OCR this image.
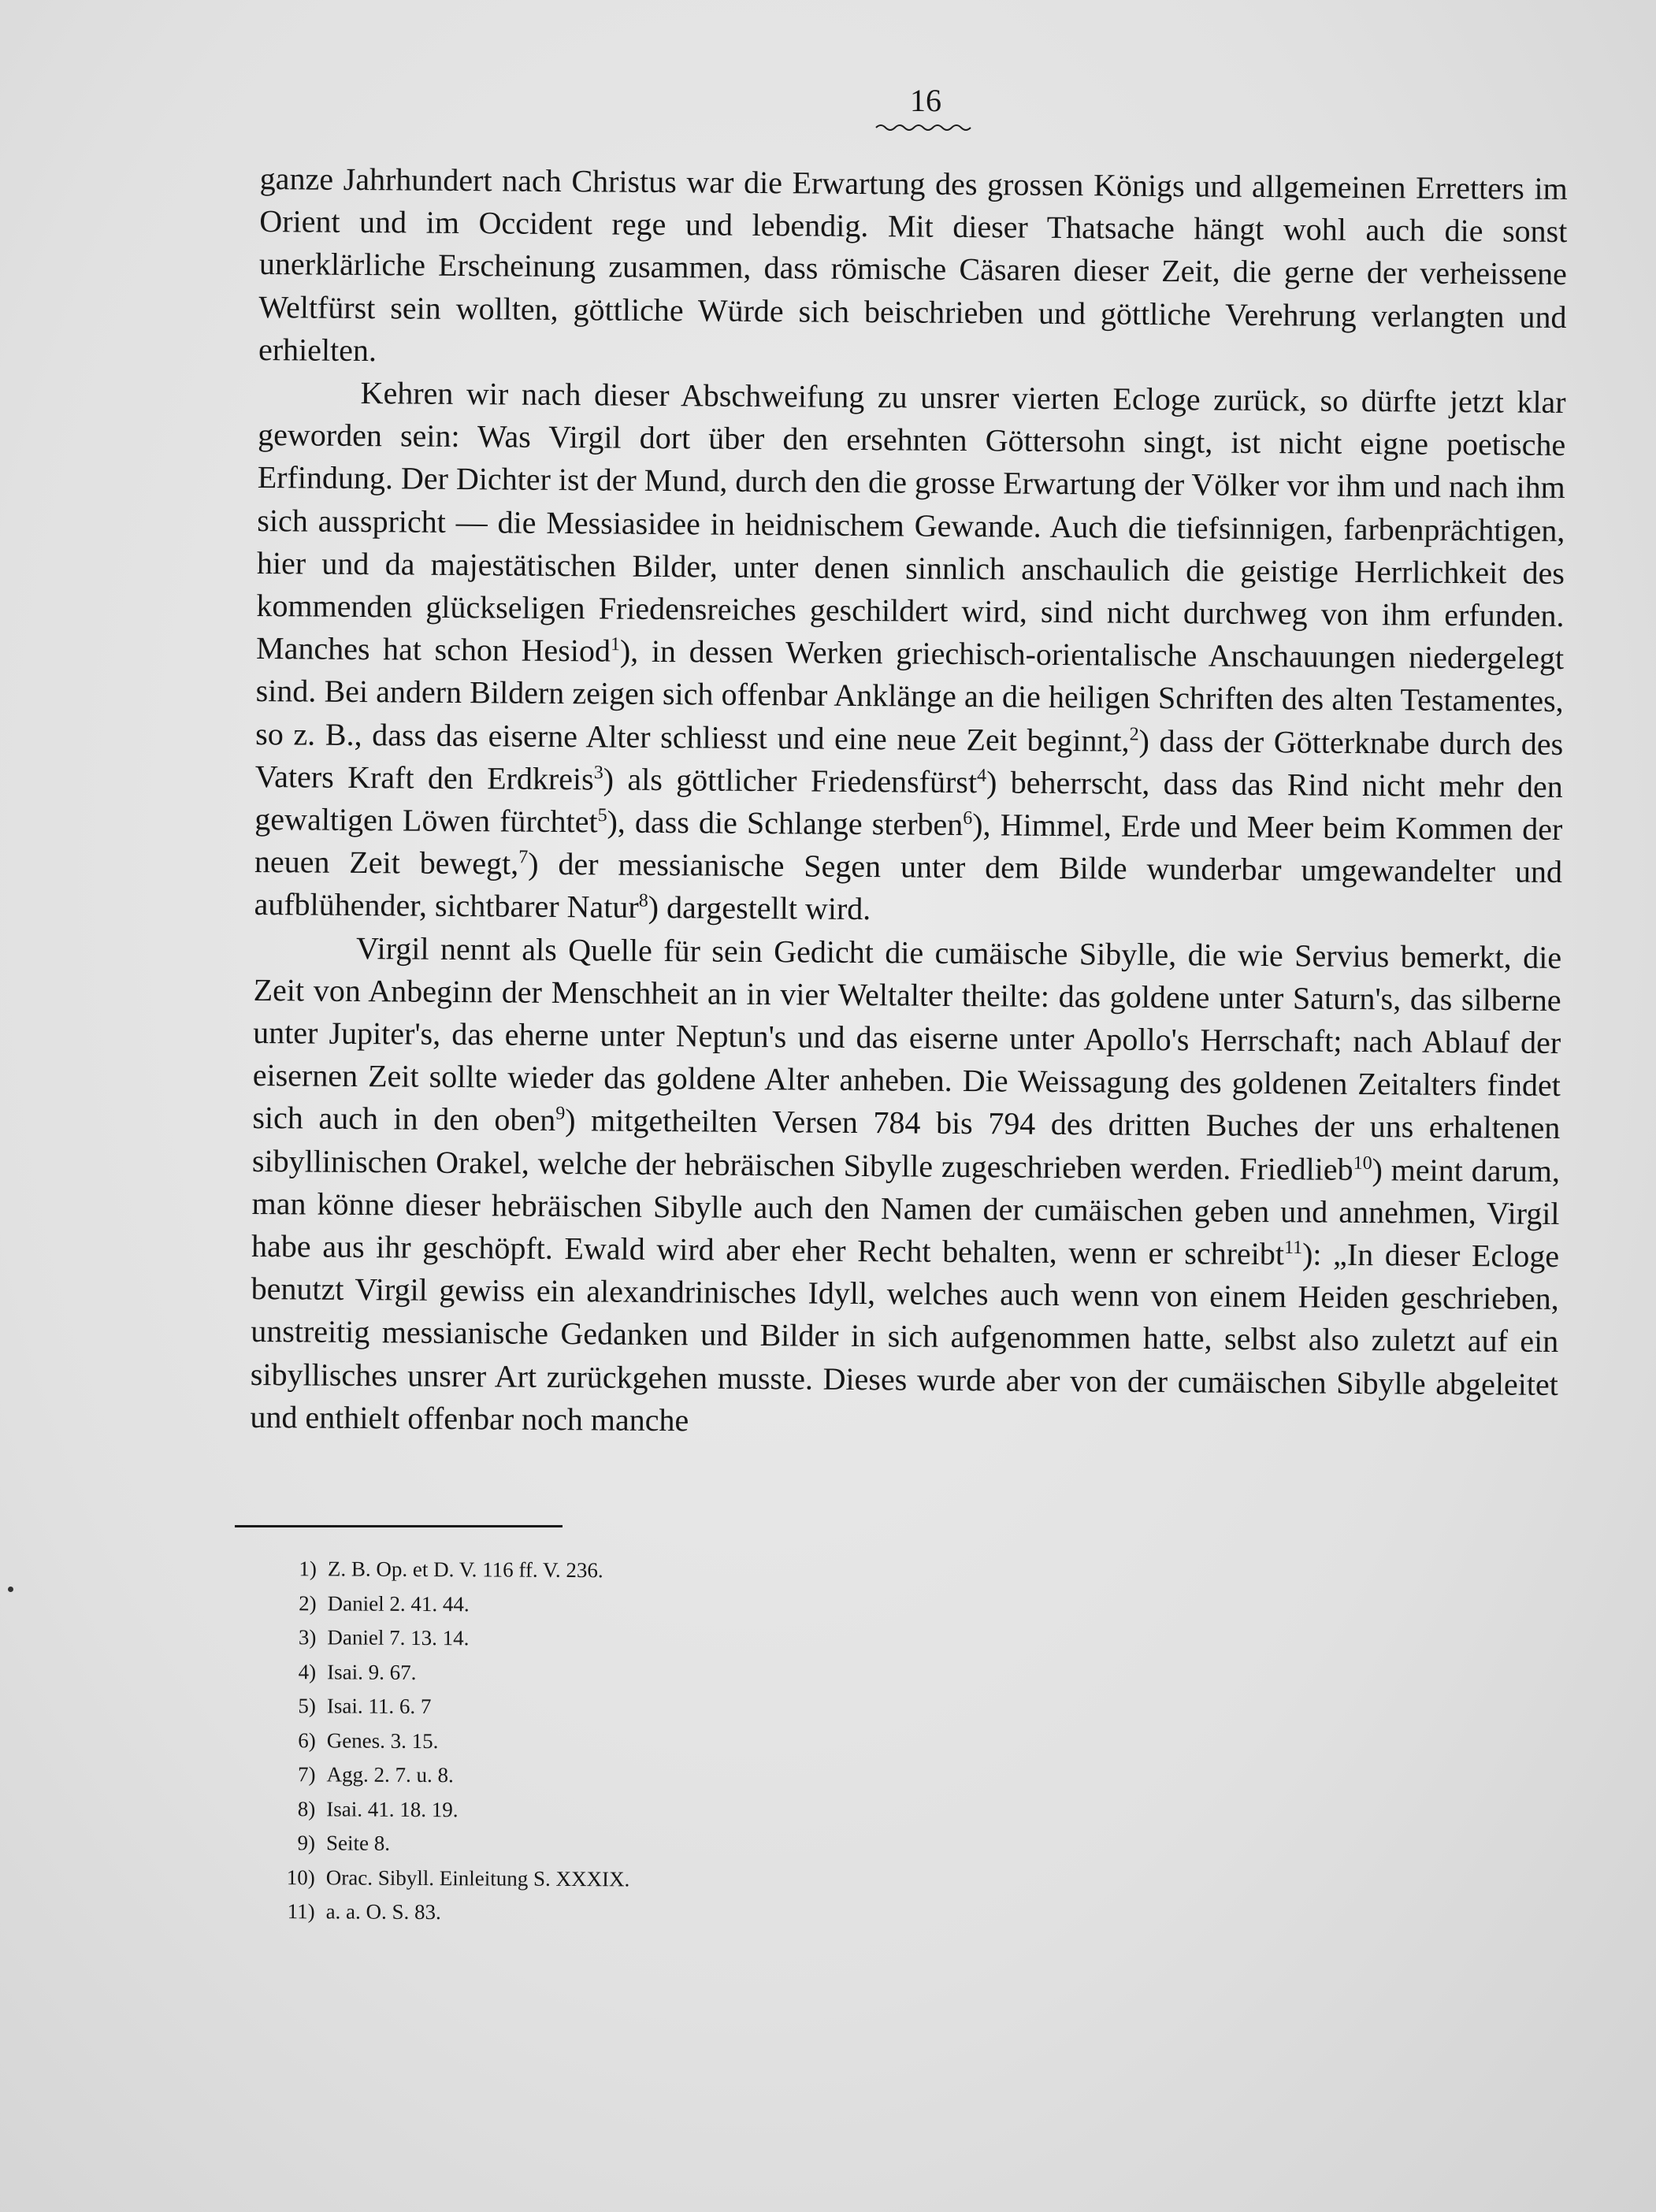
16

ganze Jahrhundert nach Christus war die Erwartung des grossen Königs und allgemeinen Erretters im Orient und im Occident rege und lebendig. Mit dieser Thatsache hängt wohl auch die sonst unerklärliche Erscheinung zusammen, dass römische Cäsaren dieser Zeit, die gerne der verheissene Weltfürst sein wollten, göttliche Würde sich beischrieben und göttliche Verehrung verlangten und erhielten.

Kehren wir nach dieser Abschweifung zu unsrer vierten Ecloge zurück, so dürfte jetzt klar geworden sein: Was Virgil dort über den ersehnten Göttersohn singt, ist nicht eigne poetische Erfindung. Der Dichter ist der Mund, durch den die grosse Erwartung der Völker vor ihm und nach ihm sich ausspricht — die Messiasidee in heidnischem Gewande. Auch die tiefsinnigen, farbenprächtigen, hier und da majestätischen Bilder, unter denen sinnlich anschaulich die geistige Herrlichkeit des kommenden glückseligen Friedensreiches geschildert wird, sind nicht durchweg von ihm erfunden. Manches hat schon Hesiod$^1$), in dessen Werken griechisch-orientalische Anschauungen niedergelegt sind. Bei andern Bildern zeigen sich offenbar Anklänge an die heiligen Schriften des alten Testamentes, so z. B., dass das eiserne Alter schliesst und eine neue Zeit beginnt,$^2$) dass der Götterknabe durch des Vaters Kraft den Erdkreis$^3$) als göttlicher Friedensfürst$^4$) beherrscht, dass das Rind nicht mehr den gewaltigen Löwen fürchtet$^5$), dass die Schlange sterben$^6$), Himmel, Erde und Meer beim Kommen der neuen Zeit bewegt,$^7$) der messianische Segen unter dem Bilde wunderbar umgewandelter und aufblühender, sichtbarer Natur$^8$) dargestellt wird.

Virgil nennt als Quelle für sein Gedicht die cumäische Sibylle, die wie Servius bemerkt, die Zeit von Anbeginn der Menschheit an in vier Weltalter theilte: das goldene unter Saturn's, das silberne unter Jupiter's, das eherne unter Neptun's und das eiserne unter Apollo's Herrschaft; nach Ablauf der eisernen Zeit sollte wieder das goldene Alter anheben. Die Weissagung des goldenen Zeitalters findet sich auch in den oben$^9$) mitgetheilten Versen 784 bis 794 des dritten Buches der uns erhaltenen sibyllinischen Orakel, welche der hebräischen Sibylle zugeschrieben werden. Friedlieb$^{10}$) meint darum, man könne dieser hebräischen Sibylle auch den Namen der cumäischen geben und annehmen, Virgil habe aus ihr geschöpft. Ewald wird aber eher Recht behalten, wenn er schreibt$^{11}$): „In dieser Ecloge benutzt Virgil gewiss ein alexandrinisches Idyll, welches auch wenn von einem Heiden geschrieben, unstreitig messianische Gedanken und Bilder in sich aufgenommen hatte, selbst also zuletzt auf ein sibyllisches unsrer Art zurückgehen musste. Dieses wurde aber von der cumäischen Sibylle abgeleitet und enthielt offenbar noch manche

1) Z. B. Op. et D. V. 116 ff. V. 236.
2) Daniel 2. 41. 44.
3) Daniel 7. 13. 14.
4) Isai. 9. 67.
5) Isai. 11. 6. 7
6) Genes. 3. 15.
7) Agg. 2. 7. u. 8.
8) Isai. 41. 18. 19.
9) Seite 8.
10) Orac. Sibyll. Einleitung S. XXXIX.
11) a. a. O. S. 83.
